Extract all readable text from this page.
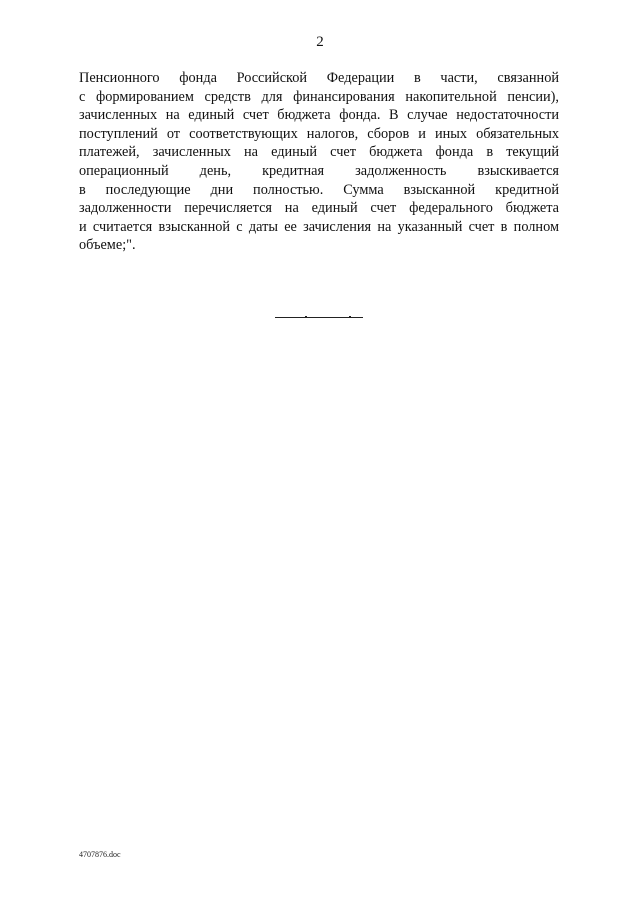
2
Пенсионного фонда Российской Федерации в части, связанной
с формированием средств для финансирования накопительной пенсии),
зачисленных на единый счет бюджета фонда. В случае недостаточности
поступлений от соответствующих налогов, сборов и иных обязательных
платежей, зачисленных на единый счет бюджета фонда в текущий
операционный день, кредитная задолженность взыскивается
в последующие дни полностью. Сумма взысканной кредитной
задолженности перечисляется на единый счет федерального бюджета
и считается взысканной с даты ее зачисления на указанный счет в полном
объеме;".
4707876.doc
